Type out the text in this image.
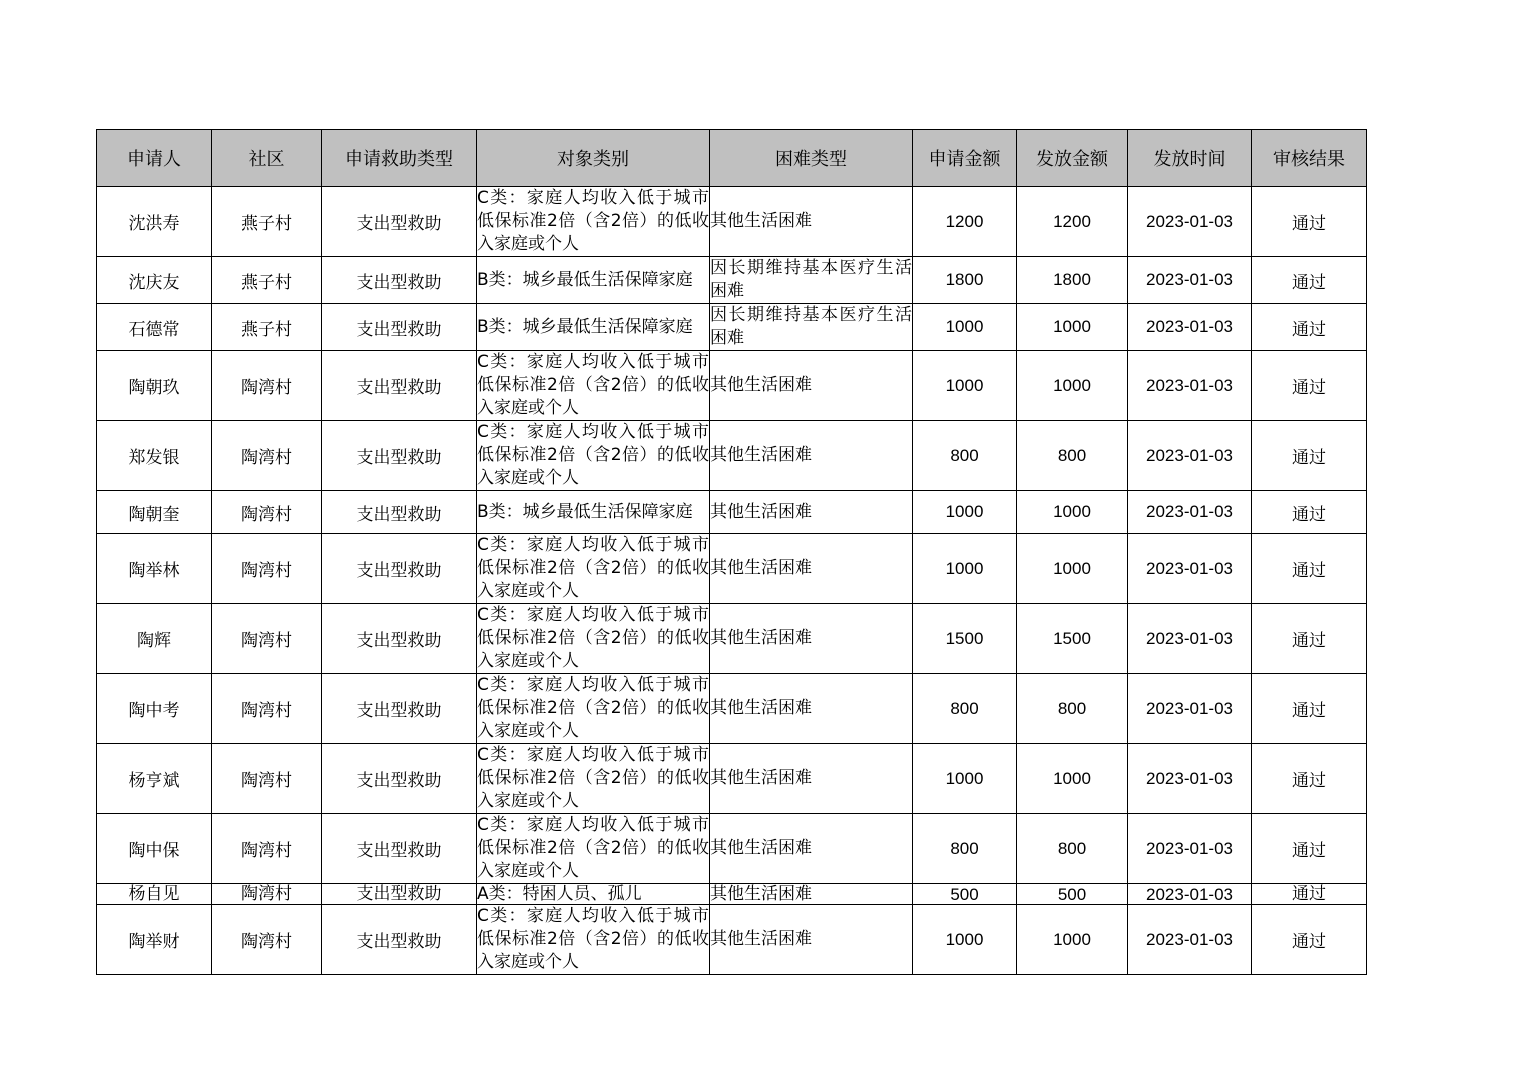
申请人	社区	申请救助类型	对象类别	困难类型	申请金额	发放金额	发放时间	审核结果
沈洪寿	燕子村	支出型救助	C类：家庭人均收入低于城市低保标准2倍（含2倍）的低收入家庭或个人	其他生活困难	1200	1200	2023-01-03	通过
沈庆友	燕子村	支出型救助	B类：城乡最低生活保障家庭	因长期维持基本医疗生活困难	1800	1800	2023-01-03	通过
石德常	燕子村	支出型救助	B类：城乡最低生活保障家庭	因长期维持基本医疗生活困难	1000	1000	2023-01-03	通过
陶朝玖	陶湾村	支出型救助	C类：家庭人均收入低于城市低保标准2倍（含2倍）的低收入家庭或个人	其他生活困难	1000	1000	2023-01-03	通过
郑发银	陶湾村	支出型救助	C类：家庭人均收入低于城市低保标准2倍（含2倍）的低收入家庭或个人	其他生活困难	800	800	2023-01-03	通过
陶朝奎	陶湾村	支出型救助	B类：城乡最低生活保障家庭	其他生活困难	1000	1000	2023-01-03	通过
陶举林	陶湾村	支出型救助	C类：家庭人均收入低于城市低保标准2倍（含2倍）的低收入家庭或个人	其他生活困难	1000	1000	2023-01-03	通过
陶辉	陶湾村	支出型救助	C类：家庭人均收入低于城市低保标准2倍（含2倍）的低收入家庭或个人	其他生活困难	1500	1500	2023-01-03	通过
陶中考	陶湾村	支出型救助	C类：家庭人均收入低于城市低保标准2倍（含2倍）的低收入家庭或个人	其他生活困难	800	800	2023-01-03	通过
杨亨斌	陶湾村	支出型救助	C类：家庭人均收入低于城市低保标准2倍（含2倍）的低收入家庭或个人	其他生活困难	1000	1000	2023-01-03	通过
陶中保	陶湾村	支出型救助	C类：家庭人均收入低于城市低保标准2倍（含2倍）的低收入家庭或个人	其他生活困难	800	800	2023-01-03	通过
杨自见	陶湾村	支出型救助	A类：特困人员、孤儿	其他生活困难	500	500	2023-01-03	通过
陶举财	陶湾村	支出型救助	C类：家庭人均收入低于城市低保标准2倍（含2倍）的低收入家庭或个人	其他生活困难	1000	1000	2023-01-03	通过
